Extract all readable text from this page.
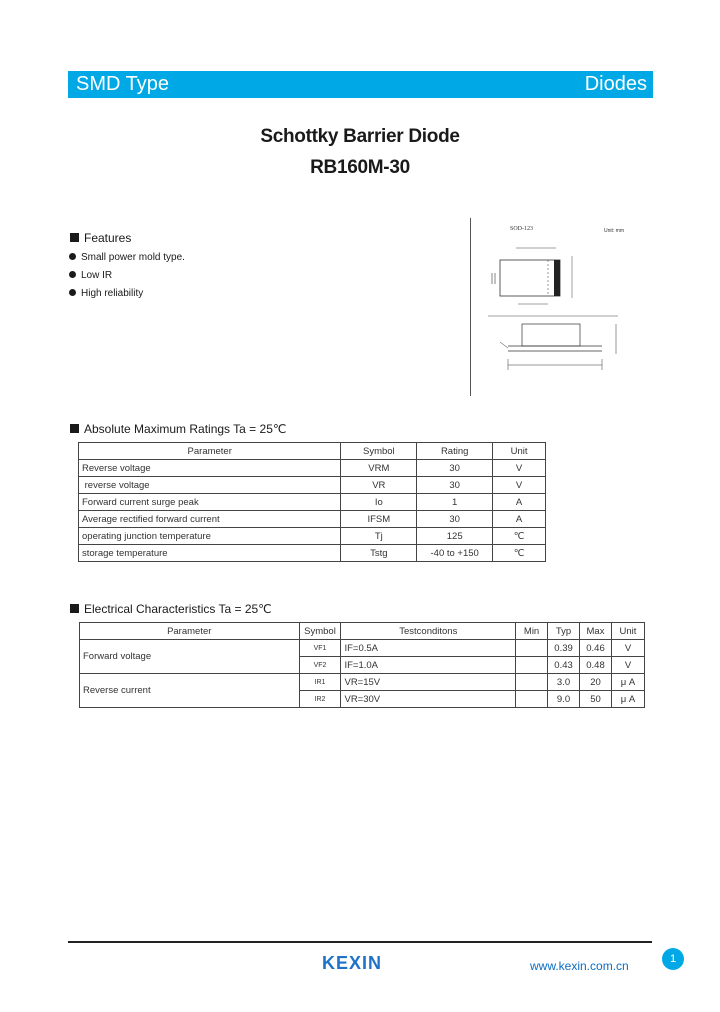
SMD Type	Diodes
Schottky Barrier Diode
RB160M-30
Features
Small power mold type.
Low IR
High reliability
SOD-123	Unit: mm
Absolute Maximum Ratings Ta = 25℃
Parameter	Symbol	Rating	Unit
Reverse voltage	VRM	30	V
reverse voltage	VR	30	V
Forward current surge peak	Io	1	A
Average rectified forward current	IFSM	30	A
operating junction temperature	Tj	125	℃
storage temperature	Tstg	-40 to +150	℃
Electrical Characteristics Ta = 25℃
Parameter	Symbol	Testconditons	Min	Typ	Max	Unit
Forward voltage	VF1	IF=0.5A		0.39	0.46	V
	VF2	IF=1.0A		0.43	0.48	V
Reverse current	IR1	VR=15V		3.0	20	μ A
	IR2	VR=30V		9.0	50	μ A
KEXIN	www.kexin.com.cn	1
